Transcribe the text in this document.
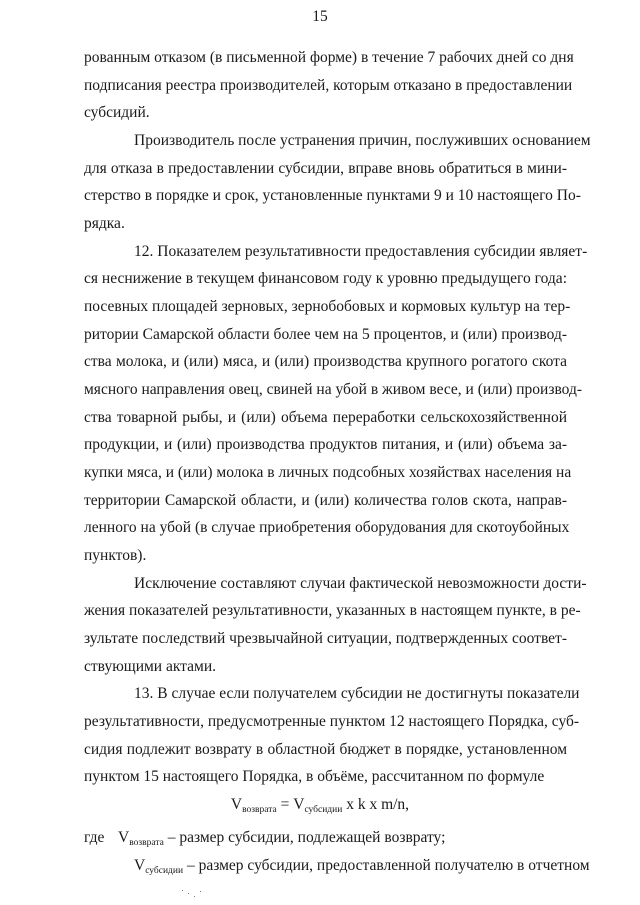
15
рованным отказом (в письменной форме) в течение 7 рабочих дней со дня
подписания реестра производителей, которым отказано в предоставлении
субсидий.
Производитель после устранения причин, послуживших основанием
для отказа в предоставлении субсидии, вправе вновь обратиться в мини-
стерство в порядке и срок, установленные пунктами 9 и 10 настоящего По-
рядка.
12. Показателем результативности предоставления субсидии являет-
ся неснижение в текущем финансовом году к уровню предыдущего года:
посевных площадей зерновых, зернобобовых и кормовых культур на тер-
ритории Самарской области более чем на 5 процентов, и (или) производ-
ства молока, и (или) мяса, и (или) производства крупного рогатого скота
мясного направления овец, свиней на убой в живом весе, и (или) производ-
ства товарной рыбы, и (или) объема переработки сельскохозяйственной
продукции, и (или) производства продуктов питания, и (или) объема за-
купки мяса, и (или) молока в личных подсобных хозяйствах населения на
территории Самарской области, и (или) количества голов скота, направ-
ленного на убой (в случае приобретения оборудования для скотоубойных
пунктов).
Исключение составляют случаи фактической невозможности дости-
жения показателей результативности, указанных в настоящем пункте, в ре-
зультате последствий чрезвычайной ситуации, подтвержденных соответ-
ствующими актами.
13. В случае если получателем субсидии не достигнуты показатели
результативности, предусмотренные пунктом 12 настоящего Порядка, суб-
сидия подлежит возврату в областной бюджет в порядке, установленном
пунктом 15 настоящего Порядка, в объёме, рассчитанном по формуле
$V_{возврата} = V_{субсидии}$ x k x m/n,
где $V_{возврата}$ – размер субсидии, подлежащей возврату;
$V_{субсидии}$ – размер субсидии, предоставленной получателю в отчетном
